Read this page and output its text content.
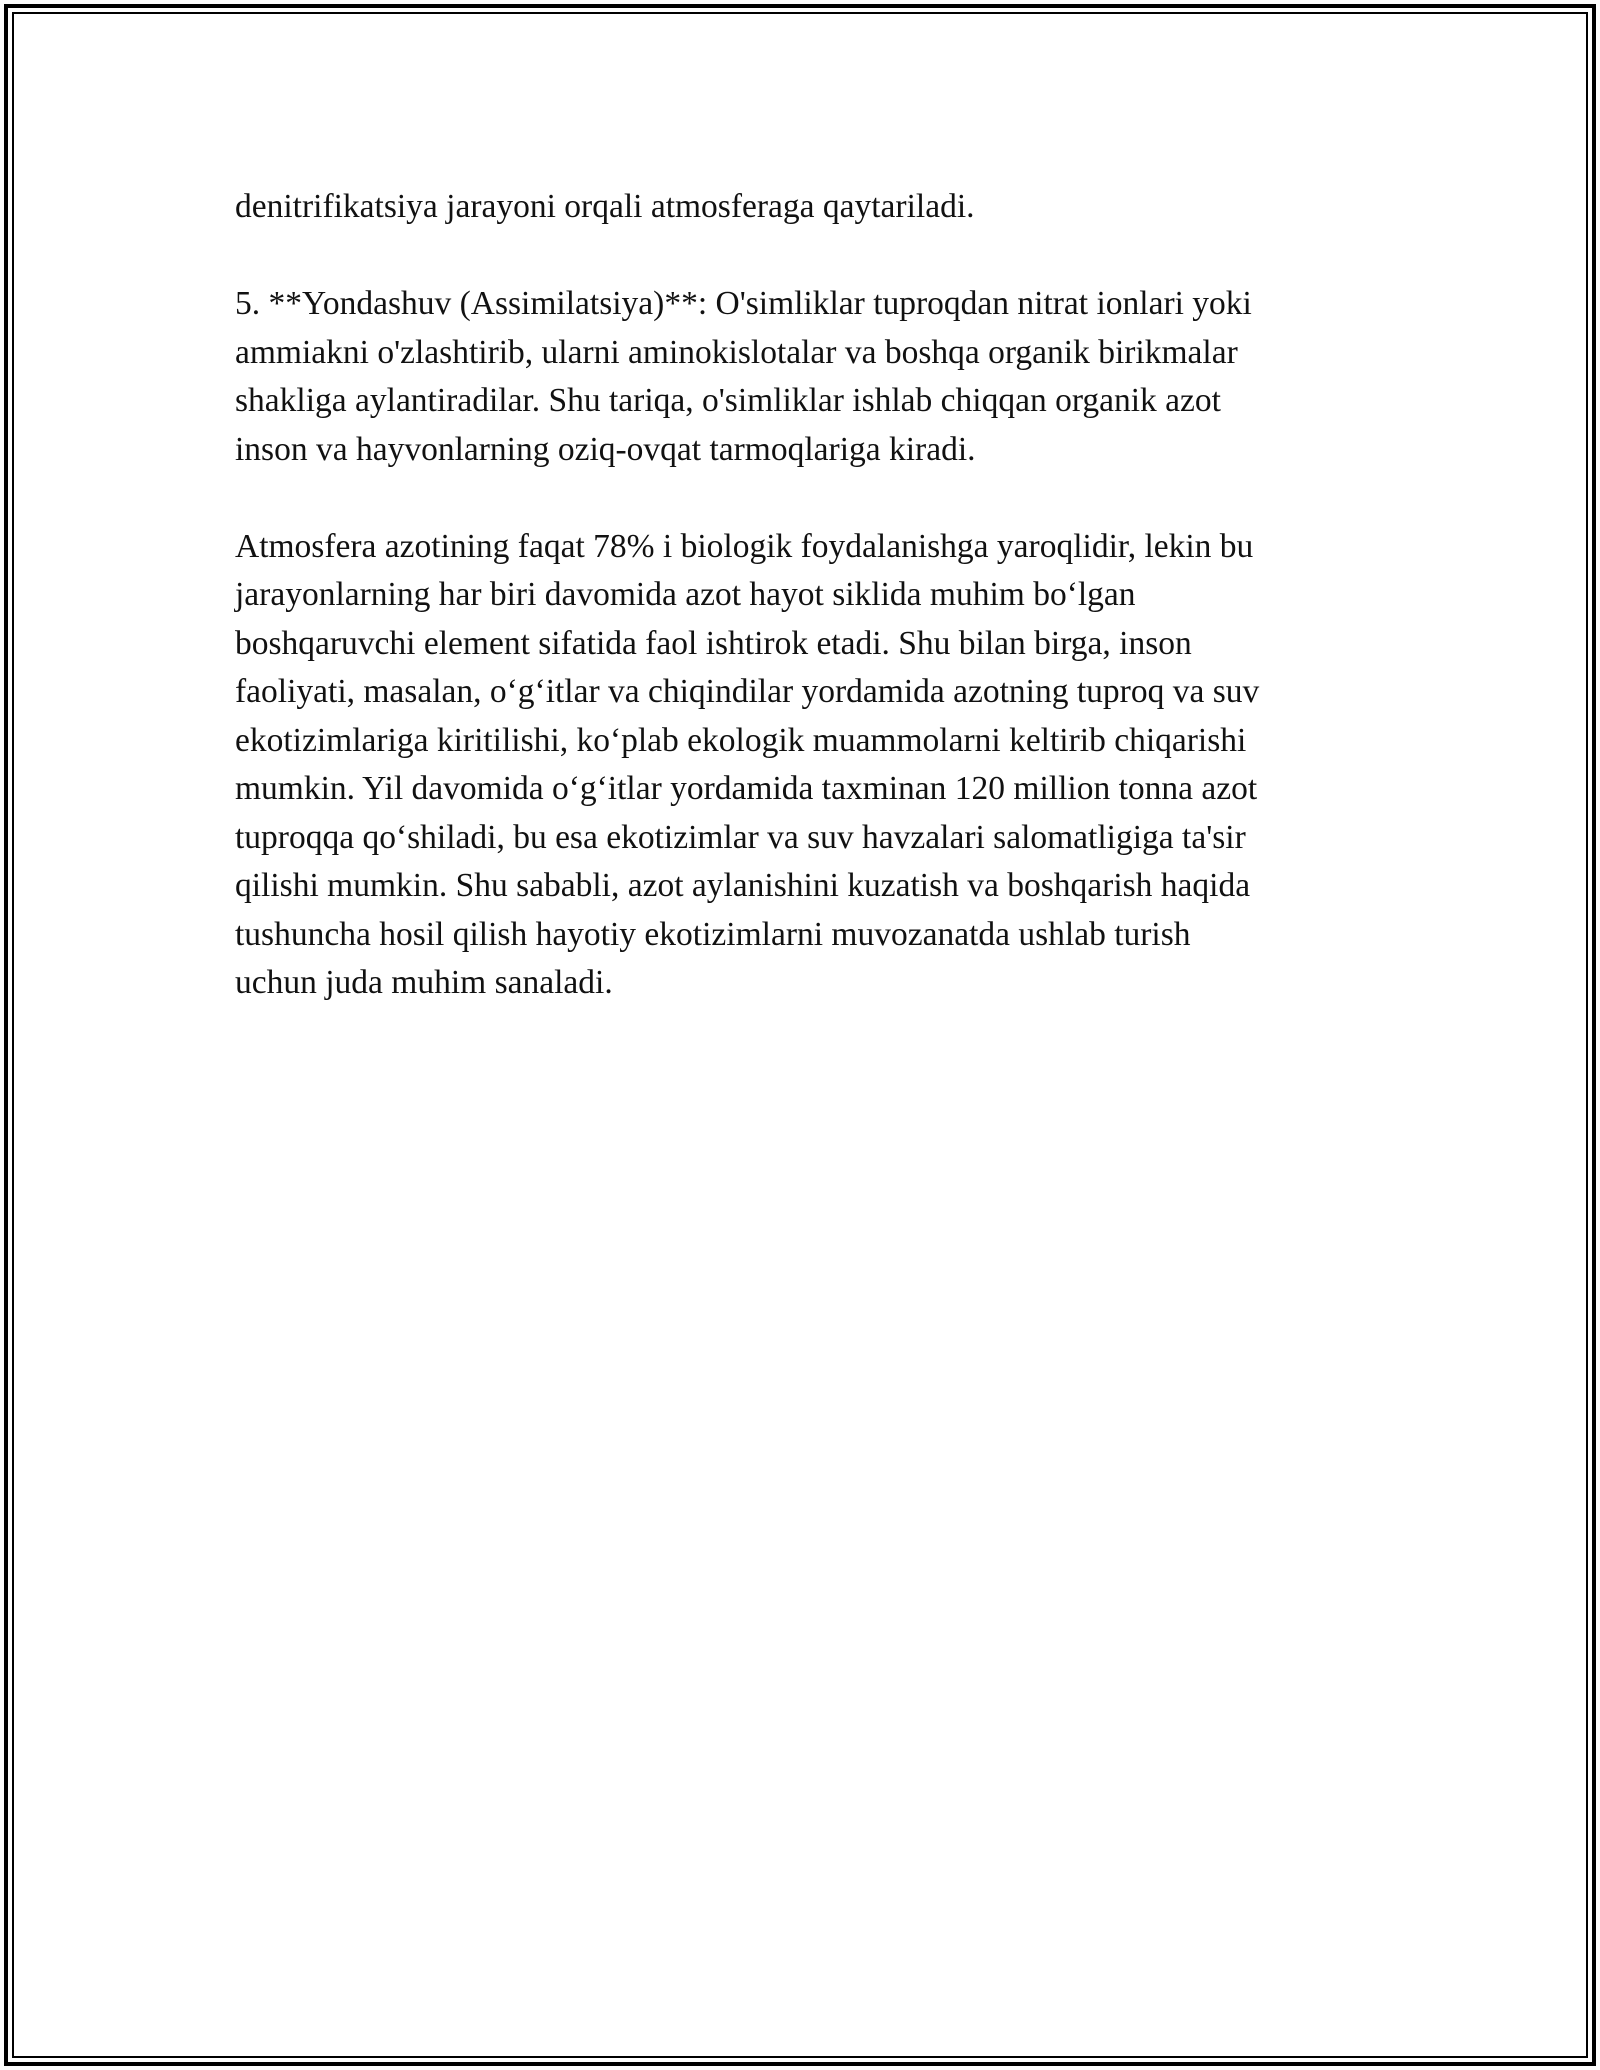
denitrifikatsiya jarayoni orqali atmosferaga qaytariladi.

5. **Yondashuv (Assimilatsiya)**: O'simliklar tuproqdan nitrat ionlari yoki
ammiakni o'zlashtirib, ularni aminokislotalar va boshqa organik birikmalar
shakliga aylantiradilar. Shu tariqa, o'simliklar ishlab chiqqan organik azot
inson va hayvonlarning oziq-ovqat tarmoqlariga kiradi.

Atmosfera azotining faqat 78% i biologik foydalanishga yaroqlidir, lekin bu
jarayonlarning har biri davomida azot hayot siklida muhim bo‘lgan
boshqaruvchi element sifatida faol ishtirok etadi. Shu bilan birga, inson
faoliyati, masalan, o‘g‘itlar va chiqindilar yordamida azotning tuproq va suv
ekotizimlariga kiritilishi, ko‘plab ekologik muammolarni keltirib chiqarishi
mumkin. Yil davomida o‘g‘itlar yordamida taxminan 120 million tonna azot
tuproqqa qo‘shiladi, bu esa ekotizimlar va suv havzalari salomatligiga ta'sir
qilishi mumkin. Shu sababli, azot aylanishini kuzatish va boshqarish haqida
tushuncha hosil qilish hayotiy ekotizimlarni muvozanatda ushlab turish
uchun juda muhim sanaladi.
